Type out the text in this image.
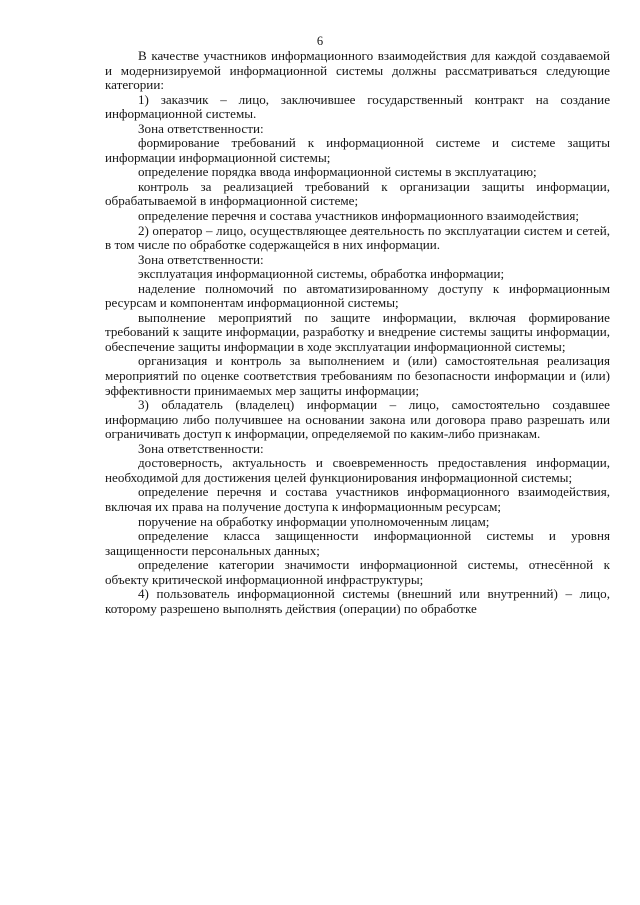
6

В качестве участников информационного взаимодействия для каждой создаваемой и модернизируемой информационной системы должны рассматриваться следующие категории:

1) заказчик – лицо, заключившее государственный контракт на создание информационной системы.

Зона ответственности:

формирование требований к информационной системе и системе защиты информации информационной системы;

определение порядка ввода информационной системы в эксплуатацию;

контроль за реализацией требований к организации защиты информации, обрабатываемой в информационной системе;

определение перечня и состава участников информационного взаимодействия;

2) оператор – лицо, осуществляющее деятельность по эксплуатации систем и сетей, в том числе по обработке содержащейся в них информации.

Зона ответственности:

эксплуатация информационной системы, обработка информации;

наделение полномочий по автоматизированному доступу к информационным ресурсам и компонентам информационной системы;

выполнение мероприятий по защите информации, включая формирование требований к защите информации, разработку и внедрение системы защиты информации, обеспечение защиты информации в ходе эксплуатации информационной системы;

организация и контроль за выполнением и (или) самостоятельная реализация мероприятий по оценке соответствия требованиям по безопасности информации и (или) эффективности принимаемых мер защиты информации;

3) обладатель (владелец) информации – лицо, самостоятельно создавшее информацию либо получившее на основании закона или договора право разрешать или ограничивать доступ к информации, определяемой по каким-либо признакам.

Зона ответственности:

достоверность, актуальность и своевременность предоставления информации, необходимой для достижения целей функционирования информационной системы;

определение перечня и состава участников информационного взаимодействия, включая их права на получение доступа к информационным ресурсам;

поручение на обработку информации уполномоченным лицам;

определение класса защищенности информационной системы и уровня защищенности персональных данных;

определение категории значимости информационной системы, отнесённой к объекту критической информационной инфраструктуры;

4) пользователь информационной системы (внешний или внутренний) – лицо, которому разрешено выполнять действия (операции) по обработке
